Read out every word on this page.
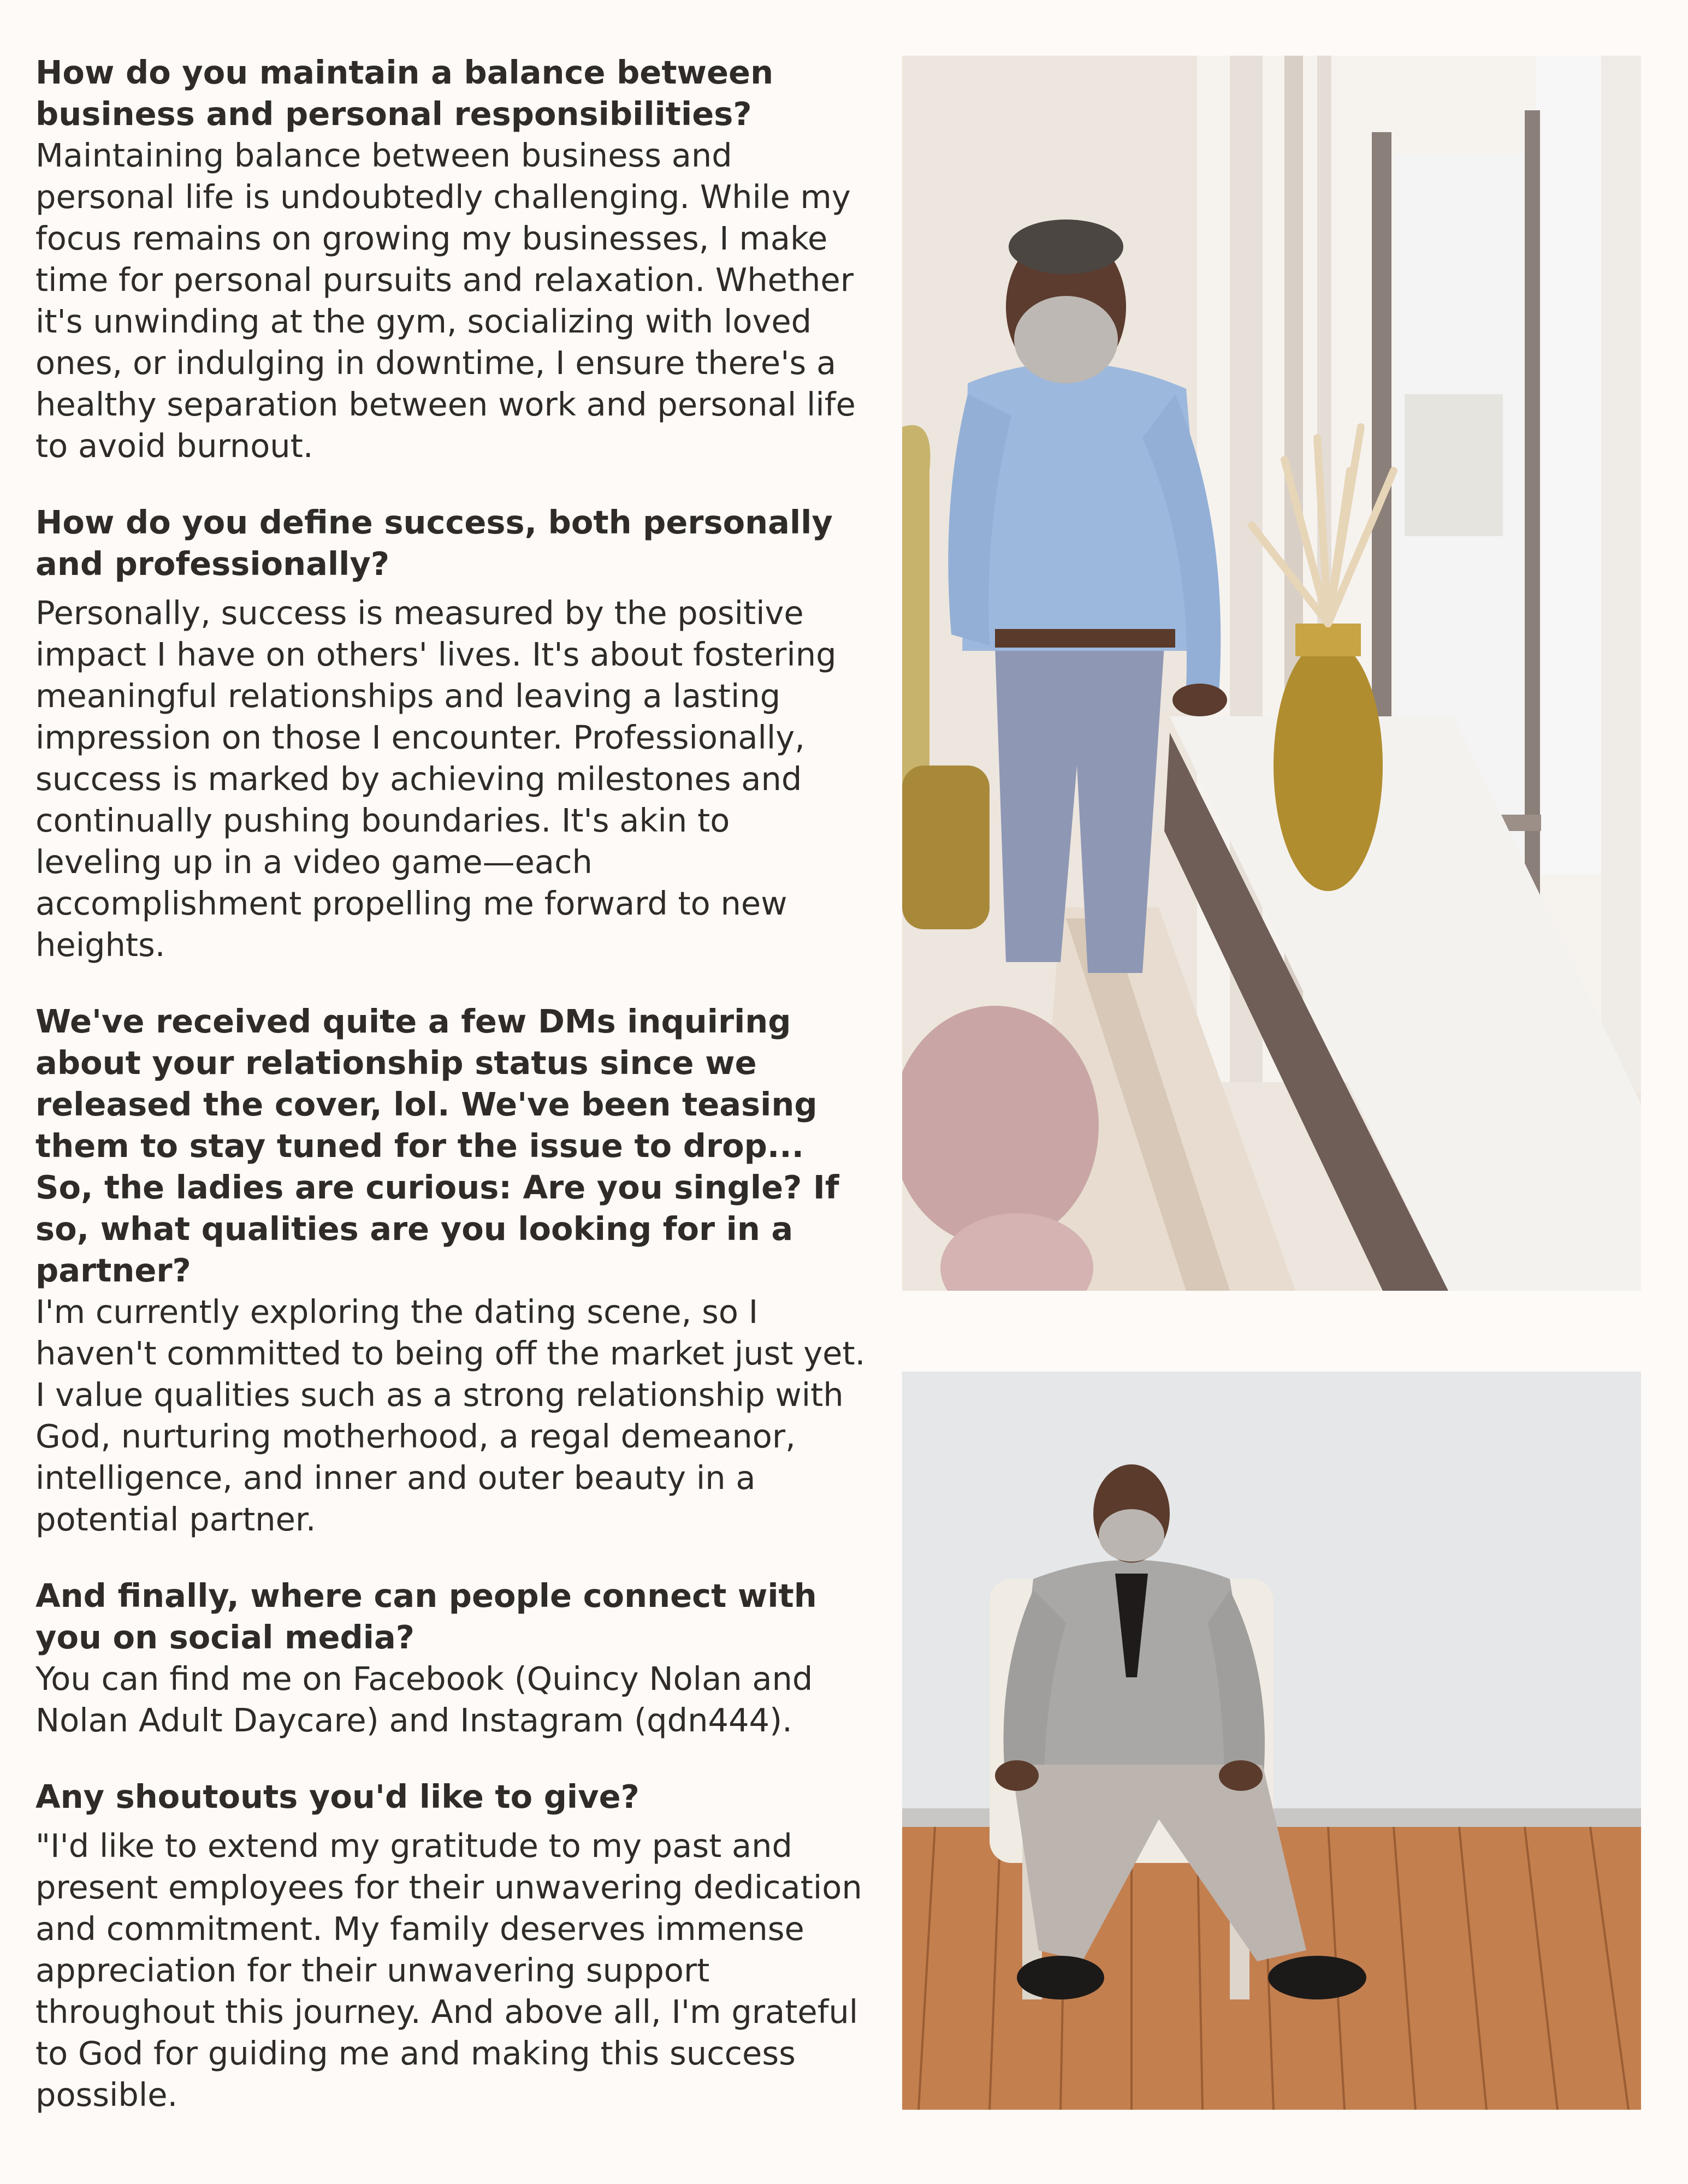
How do you maintain a balance between business and personal responsibilities?

Maintaining balance between business and personal life is undoubtedly challenging. While my focus remains on growing my businesses, I make time for personal pursuits and relaxation. Whether it's unwinding at the gym, socializing with loved ones, or indulging in downtime, I ensure there's a healthy separation between work and personal life to avoid burnout.

How do you define success, both personally and professionally?

Personally, success is measured by the positive impact I have on others' lives. It's about fostering meaningful relationships and leaving a lasting impression on those I encounter. Professionally, success is marked by achieving milestones and continually pushing boundaries. It's akin to leveling up in a video game—each accomplishment propelling me forward to new heights.

We've received quite a few DMs inquiring about your relationship status since we released the cover, lol. We've been teasing them to stay tuned for the issue to drop... So, the ladies are curious: Are you single? If so, what qualities are you looking for in a partner?

I'm currently exploring the dating scene, so I haven't committed to being off the market just yet. I value qualities such as a strong relationship with God, nurturing motherhood, a regal demeanor, intelligence, and inner and outer beauty in a potential partner.

And finally, where can people connect with you on social media?

You can find me on Facebook (Quincy Nolan and Nolan Adult Daycare) and Instagram (qdn444).

Any shoutouts you'd like to give?

"I'd like to extend my gratitude to my past and present employees for their unwavering dedication and commitment. My family deserves immense appreciation for their unwavering support throughout this journey. And above all, I'm grateful to God for guiding me and making this success possible.
